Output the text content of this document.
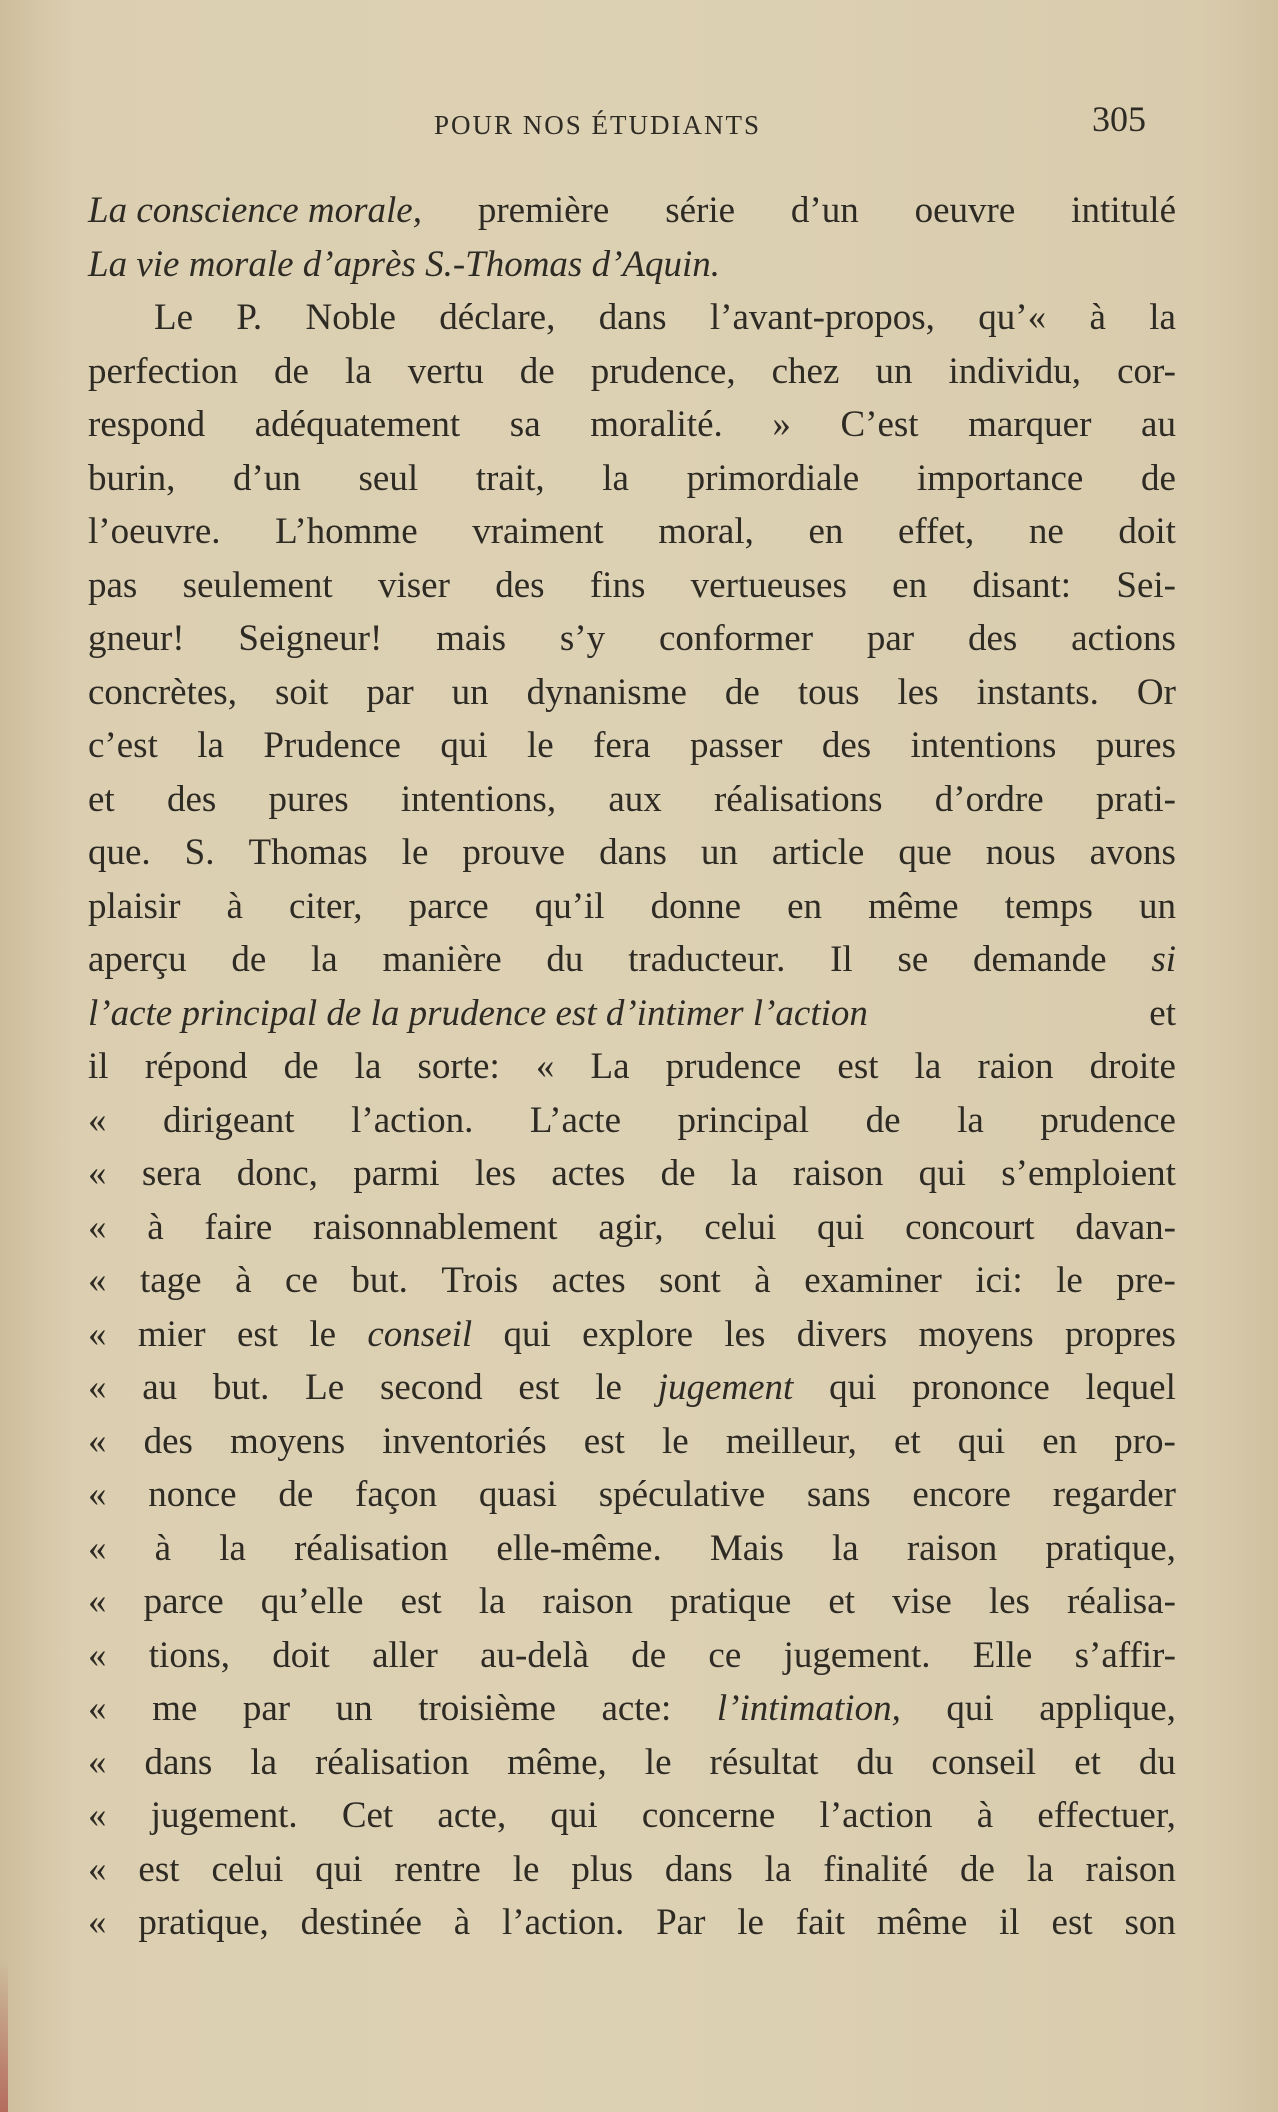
POUR NOS ÉTUDIANTS	305
La conscience morale, première série d’un oeuvre intitulé
La vie morale d’après S.-Thomas d’Aquin.
Le P. Noble déclare, dans l’avant-propos, qu’« à la
perfection de la vertu de prudence, chez un individu, cor-
respond adéquatement sa moralité. » C’est marquer au
burin, d’un seul trait, la primordiale importance de
l’oeuvre. L’homme vraiment moral, en effet, ne doit
pas seulement viser des fins vertueuses en disant: Sei-
gneur! Seigneur! mais s’y conformer par des actions
concrètes, soit par un dynanisme de tous les instants. Or
c’est la Prudence qui le fera passer des intentions pures
et des pures intentions, aux réalisations d’ordre prati-
que. S. Thomas le prouve dans un article que nous avons
plaisir à citer, parce qu’il donne en même temps un
aperçu de la manière du traducteur. Il se demande si
l’acte principal de la prudence est d’intimer l’action	et
il répond de la sorte: « La prudence est la raion droite
« dirigeant l’action. L’acte principal de la prudence
« sera donc, parmi les actes de la raison qui s’emploient
« à faire raisonnablement agir, celui qui concourt davan-
« tage à ce but. Trois actes sont à examiner ici: le pre-
« mier est le conseil qui explore les divers moyens propres
« au but. Le second est le jugement qui prononce lequel
« des moyens inventoriés est le meilleur, et qui en pro-
« nonce de façon quasi spéculative sans encore regarder
« à la réalisation elle-même. Mais la raison pratique,
« parce qu’elle est la raison pratique et vise les réalisa-
« tions, doit aller au-delà de ce jugement. Elle s’affir-
« me par un troisième acte: l’intimation, qui applique,
« dans la réalisation même, le résultat du conseil et du
« jugement. Cet acte, qui concerne l’action à effectuer,
« est celui qui rentre le plus dans la finalité de la raison
« pratique, destinée à l’action. Par le fait même il est son
